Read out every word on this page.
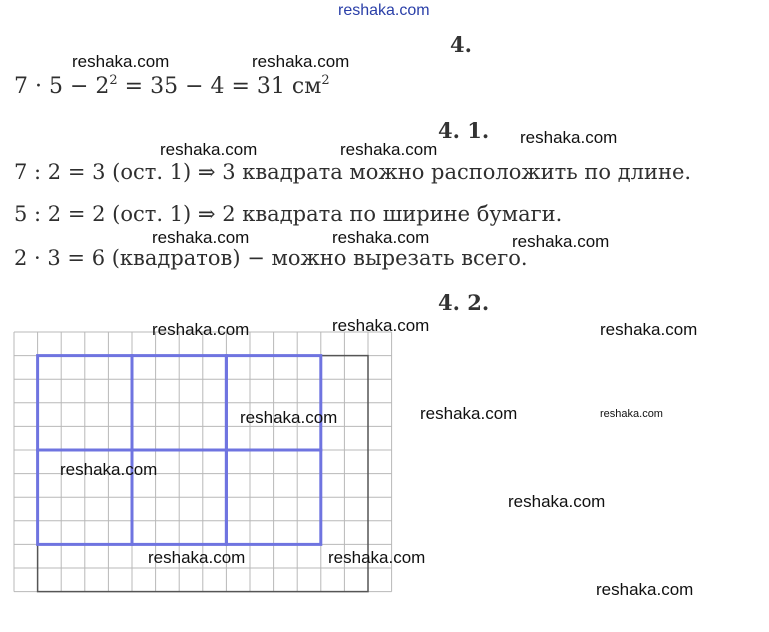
reshaka.com
4.
reshaka.com	reshaka.com
$7 \cdot 5 - 2^2 = 35 - 4 = 31$ $см^2$
4. 1. reshaka.com
reshaka.com	reshaka.com
7 : 2 = 3 (ост. 1) ⇒ 3 квадрата можно расположить по длине.
5 : 2 = 2 (ост. 1) ⇒ 2 квадрата по ширине бумаги.
reshaka.com	reshaka.com	reshaka.com
2 · 3 = 6 (квадратов) − можно вырезать всего.
4. 2.
reshaka.com	reshaka.com	reshaka.com
reshaka.com	reshaka.com	reshaka.com
reshaka.com
reshaka.com
reshaka.com	reshaka.com
reshaka.com
